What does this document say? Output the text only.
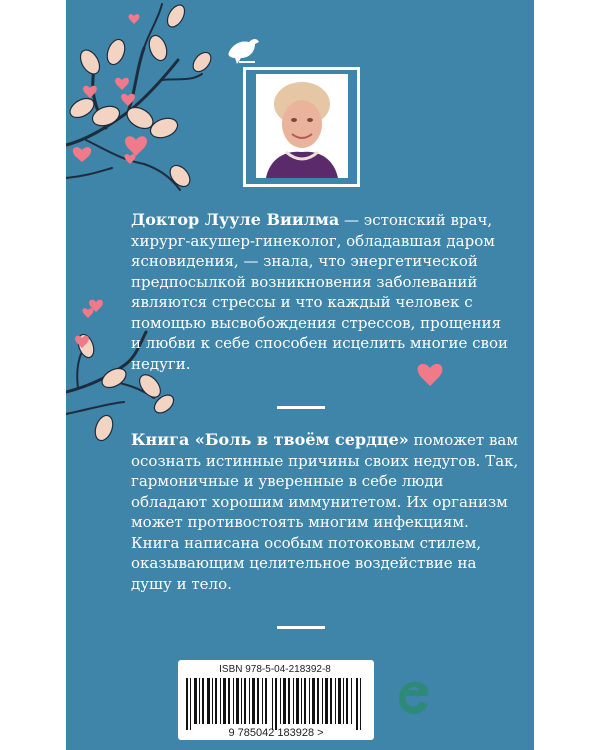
Доктор Лууле Виилма — эстонский врач, хирург-акушер-гинеколог, обладавшая даром ясновидения, — знала, что энергетической предпосылкой возникновения заболеваний являются стрессы и что каждый человек с помощью высвобождения стрессов, прощения и любви к себе способен исцелить многие свои недуги.

Книга «Боль в твоём сердце» поможет вам осознать истинные причины своих недугов. Так, гармоничные и уверенные в себе люди обладают хорошим иммунитетом. Их организм может противостоять многим инфекциям.

Книга написана особым потоковым стилем, оказывающим целительное воздействие на душу и тело.

ISBN 978-5-04-218392-8
9 785042 183928 >
